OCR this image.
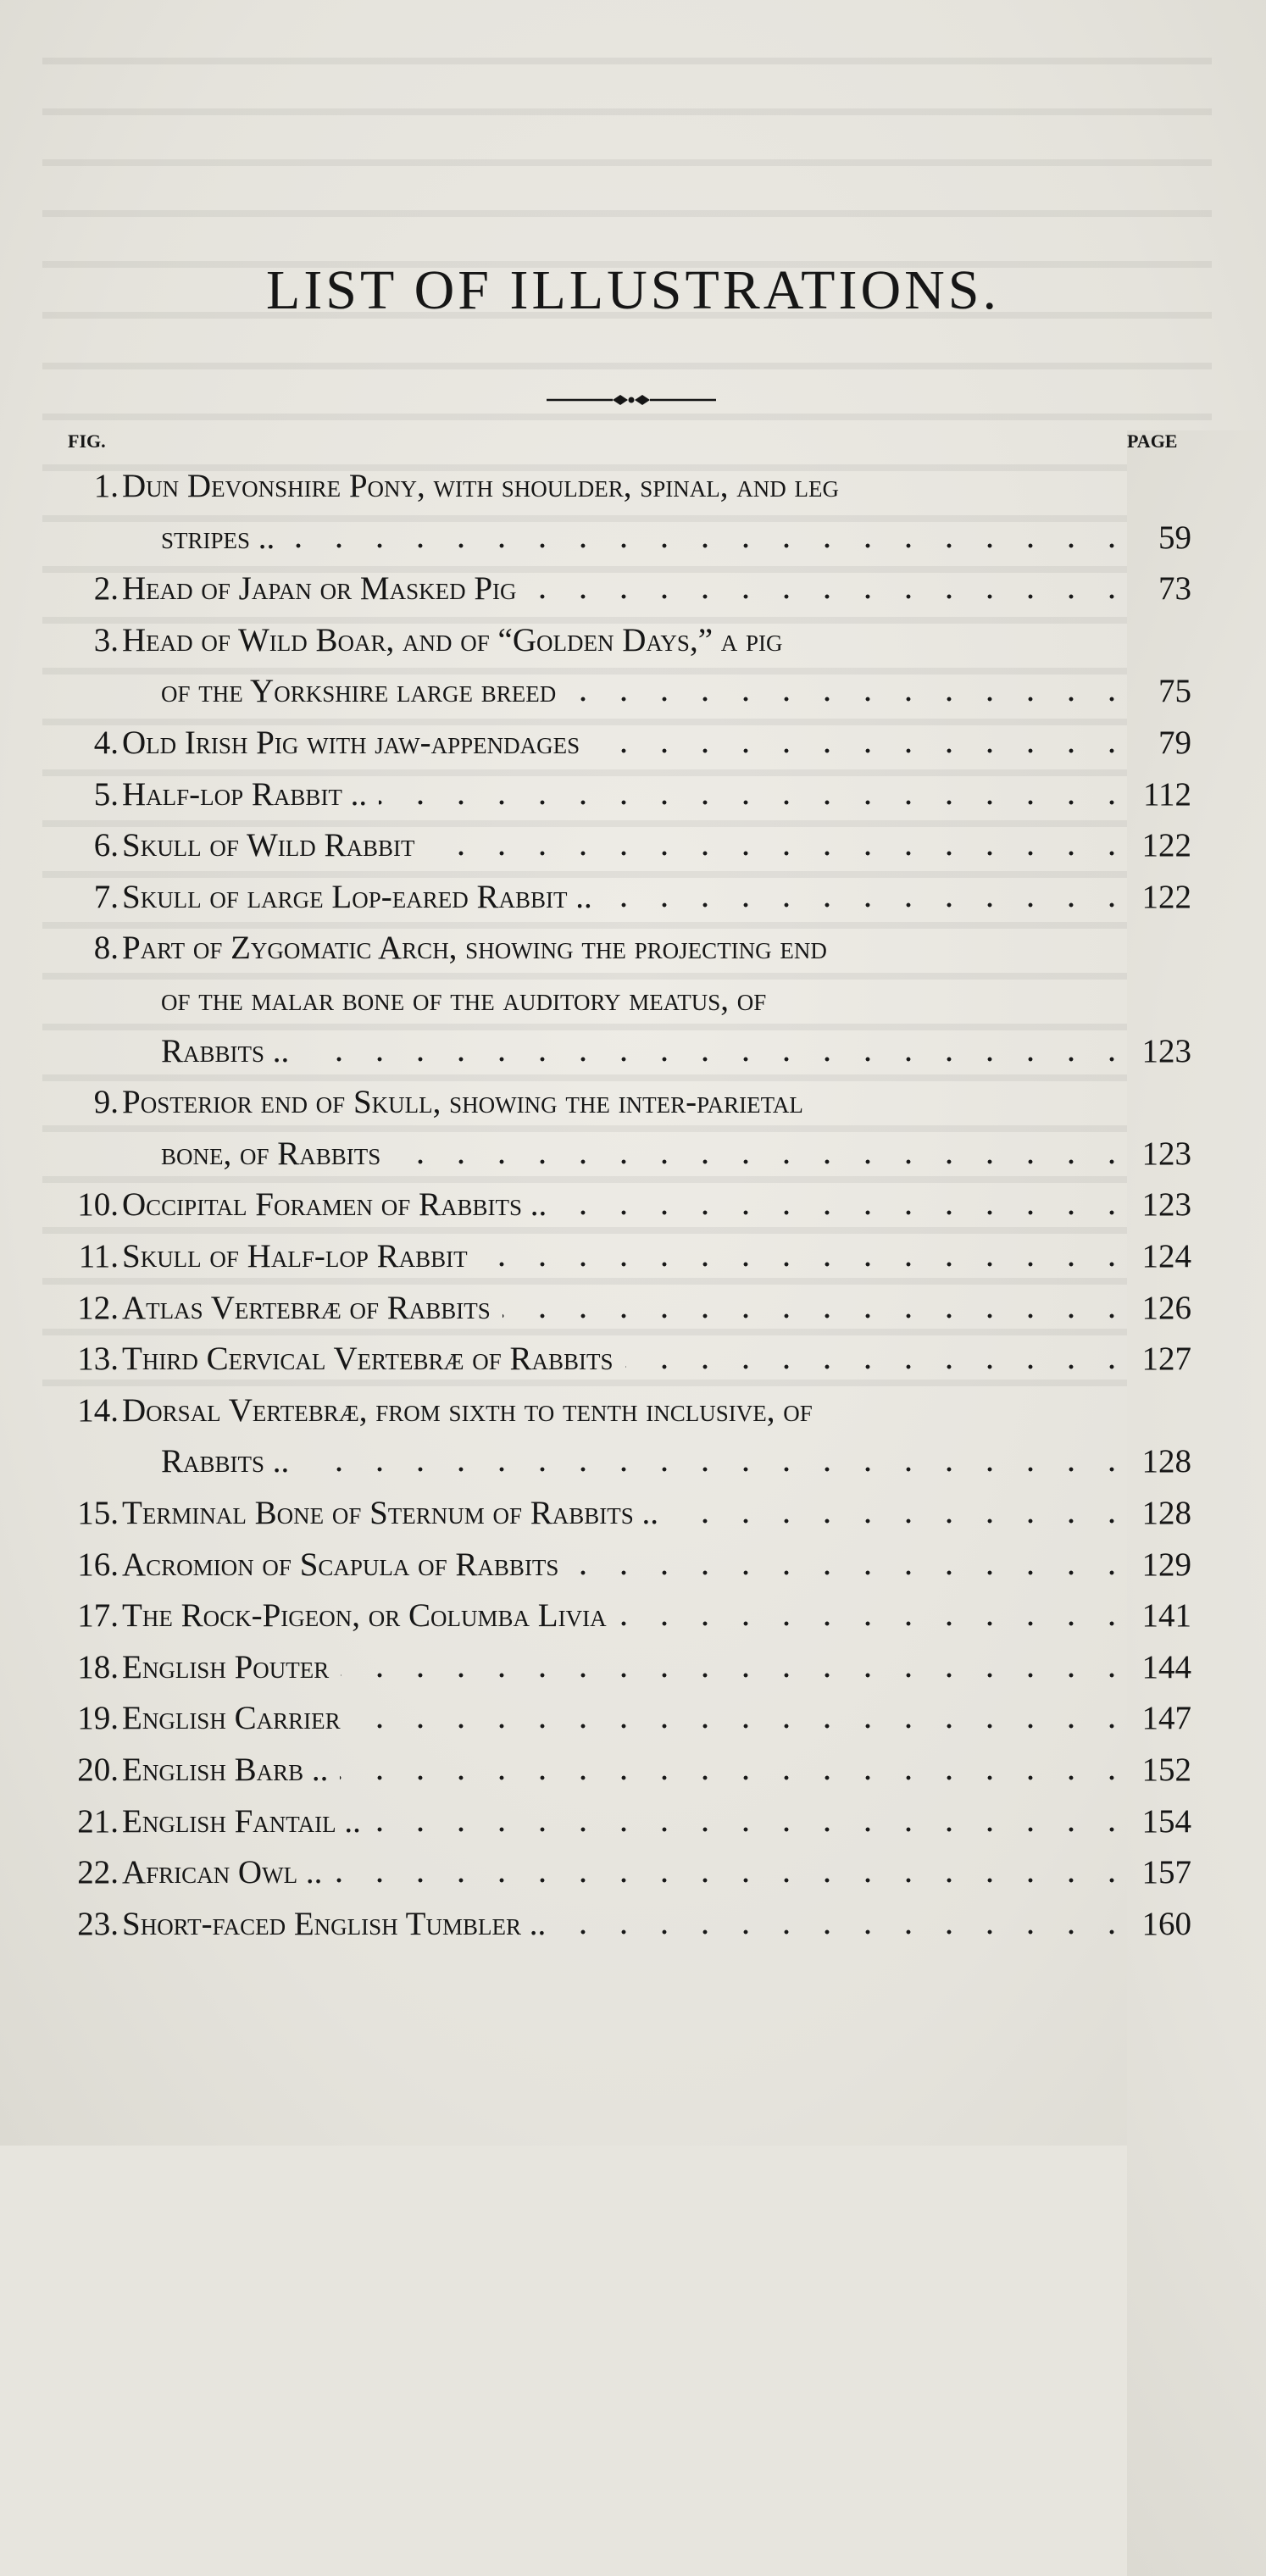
LIST OF ILLUSTRATIONS.
FIG.	PAGE
1. Dun Devonshire Pony, with shoulder, spinal, and leg
stripes ..	59
2. Head of Japan or Masked Pig	73
3. Head of Wild Boar, and of “Golden Days,” a pig
of the Yorkshire large breed	75
4. Old Irish Pig with jaw-appendages	79
5. Half-lop Rabbit ..	112
6. Skull of Wild Rabbit	122
7. Skull of large Lop-eared Rabbit ..	122
8. Part of Zygomatic Arch, showing the projecting end
of the malar bone of the auditory meatus, of
Rabbits ..	123
9. Posterior end of Skull, showing the inter-parietal
bone, of Rabbits	123
10. Occipital Foramen of Rabbits ..	123
11. Skull of Half-lop Rabbit	124
12. Atlas Vertebræ of Rabbits	126
13. Third Cervical Vertebræ of Rabbits	127
14. Dorsal Vertebræ, from sixth to tenth inclusive, of
Rabbits ..	128
15. Terminal Bone of Sternum of Rabbits ..	128
16. Acromion of Scapula of Rabbits	129
17. The Rock-Pigeon, or Columba Livia	141
18. English Pouter	144
19. English Carrier	147
20. English Barb ..	152
21. English Fantail ..	154
22. African Owl ..	157
23. Short-faced English Tumbler ..	160
